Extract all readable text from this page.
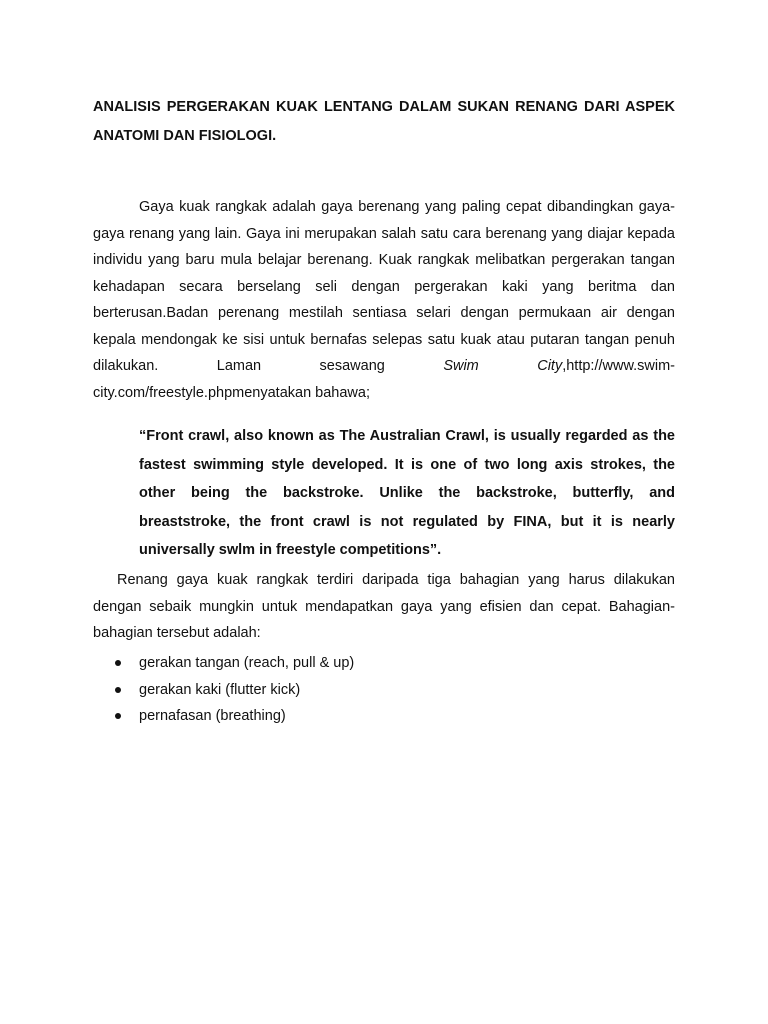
ANALISIS PERGERAKAN KUAK LENTANG DALAM SUKAN RENANG DARI ASPEK ANATOMI DAN FISIOLOGI.

Gaya kuak rangkak adalah gaya berenang yang paling cepat dibandingkan gaya-gaya renang yang lain. Gaya ini merupakan salah satu cara berenang yang diajar kepada individu yang baru mula belajar berenang. Kuak rangkak melibatkan pergerakan tangan kehadapan secara berselang seli dengan pergerakan kaki yang beritma dan berterusan.Badan perenang mestilah sentiasa selari dengan permukaan air dengan kepala mendongak ke sisi untuk bernafas selepas satu kuak atau putaran tangan penuh dilakukan. Laman sesawang Swim City,http://www.swim-city.com/freestyle.phpmenyatakan bahawa;

“Front crawl, also known as The Australian Crawl, is usually regarded as the fastest swimming style developed. It is one of two long axis strokes, the other being the backstroke. Unlike the backstroke, butterfly, and breaststroke, the front crawl is not regulated by FINA, but it is nearly universally swlm in freestyle competitions”.

Renang gaya kuak rangkak terdiri daripada tiga bahagian yang harus dilakukan dengan sebaik mungkin untuk mendapatkan gaya yang efisien dan cepat. Bahagian-bahagian tersebut adalah:

gerakan tangan (reach, pull & up)
gerakan kaki (flutter kick)
pernafasan (breathing)
